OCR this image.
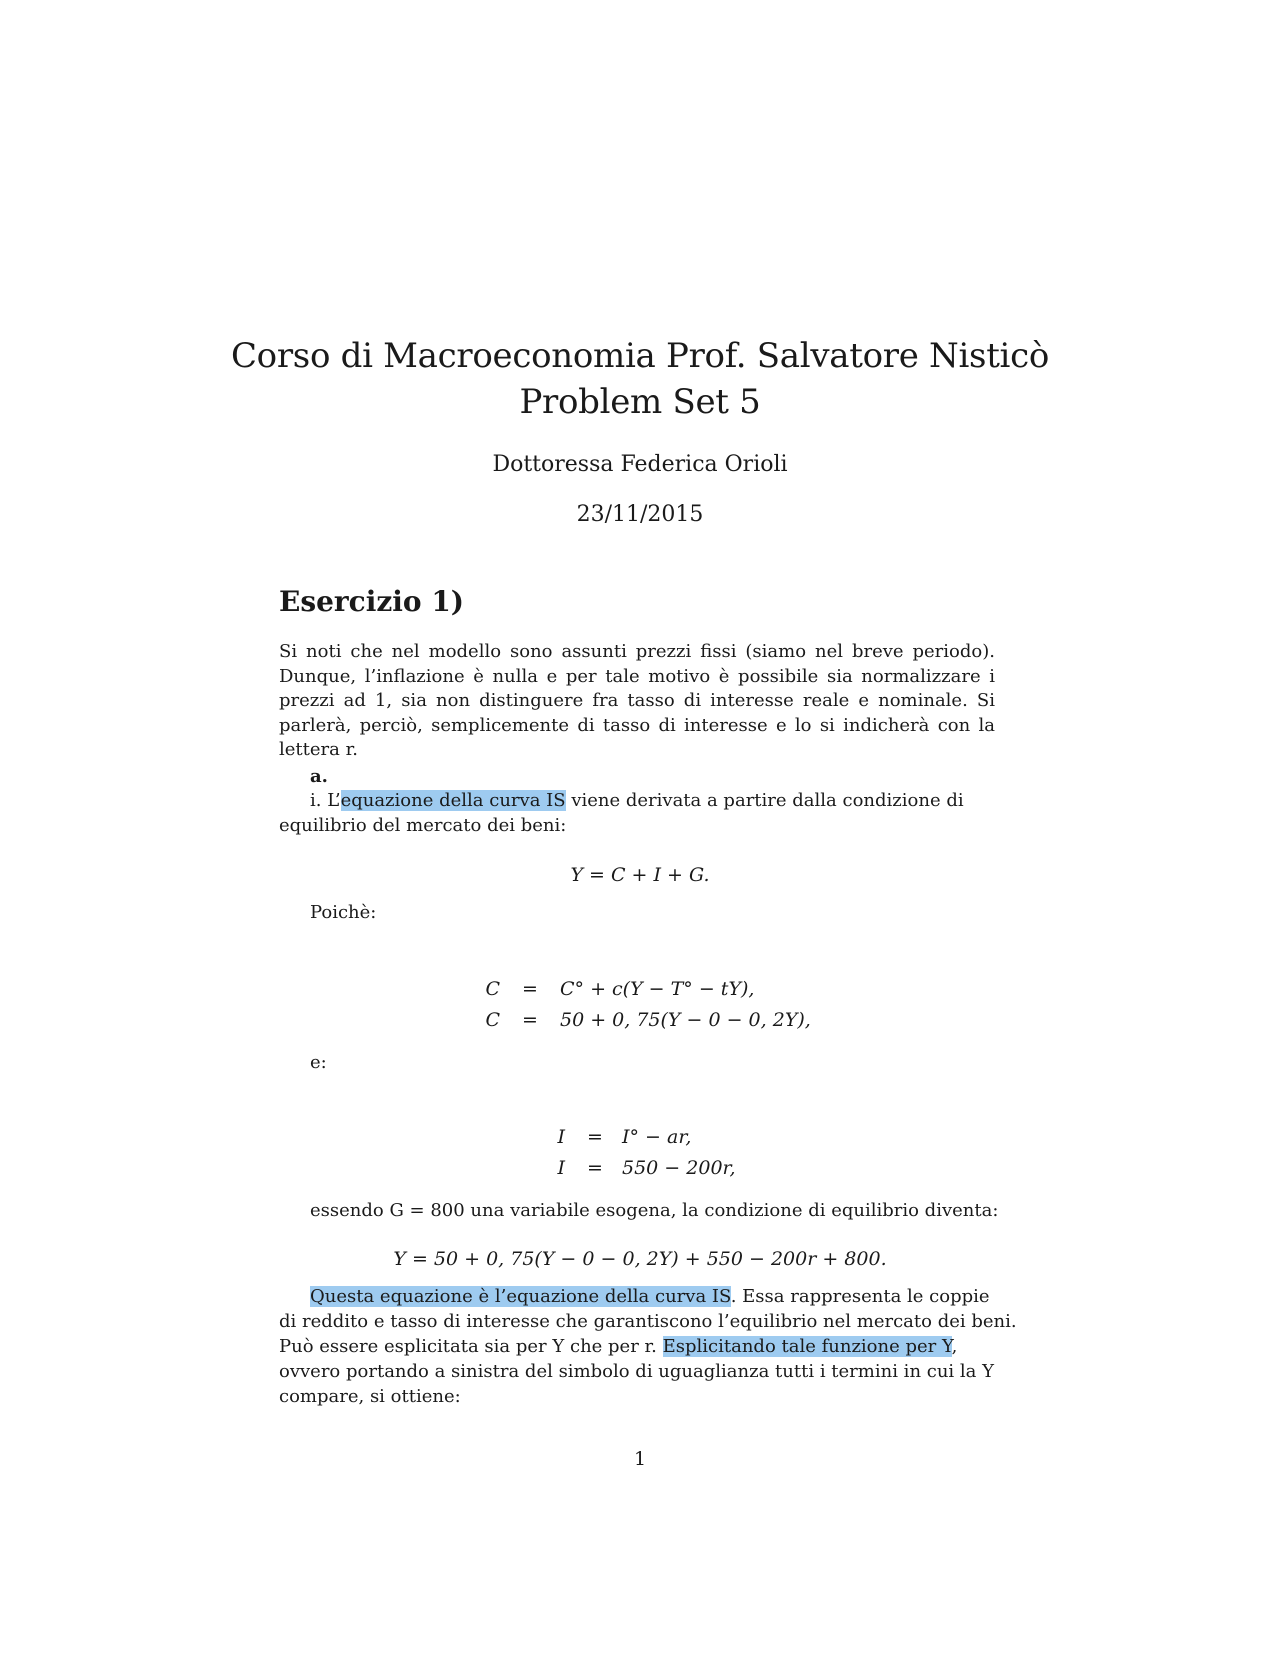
Corso di Macroeconomia Prof. Salvatore Nisticò
Problem Set 5
Dottoressa Federica Orioli
23/11/2015
Esercizio 1)
Si noti che nel modello sono assunti prezzi fissi (siamo nel breve periodo). Dunque, l’inflazione è nulla e per tale motivo è possibile sia normalizzare i prezzi ad 1, sia non distinguere fra tasso di interesse reale e nominale. Si parlerà, perciò, semplicemente di tasso di interesse e lo si indicherà con la lettera r.
a.
i. L’equazione della curva IS viene derivata a partire dalla condizione di
equilibrio del mercato dei beni:
Y = C + I + G.
Poichè:
C = C° + c(Y − T° − tY),
C = 50 + 0, 75(Y − 0 − 0, 2Y),
e:
I = I° − ar,
I = 550 − 200r,
essendo G = 800 una variabile esogena, la condizione di equilibrio diventa:
Y = 50 + 0, 75(Y − 0 − 0, 2Y) + 550 − 200r + 800.
Questa equazione è l’equazione della curva IS. Essa rappresenta le coppie
di reddito e tasso di interesse che garantiscono l’equilibrio nel mercato dei beni.
Può essere esplicitata sia per Y che per r. Esplicitando tale funzione per Y,
ovvero portando a sinistra del simbolo di uguaglianza tutti i termini in cui la Y
compare, si ottiene:
1
